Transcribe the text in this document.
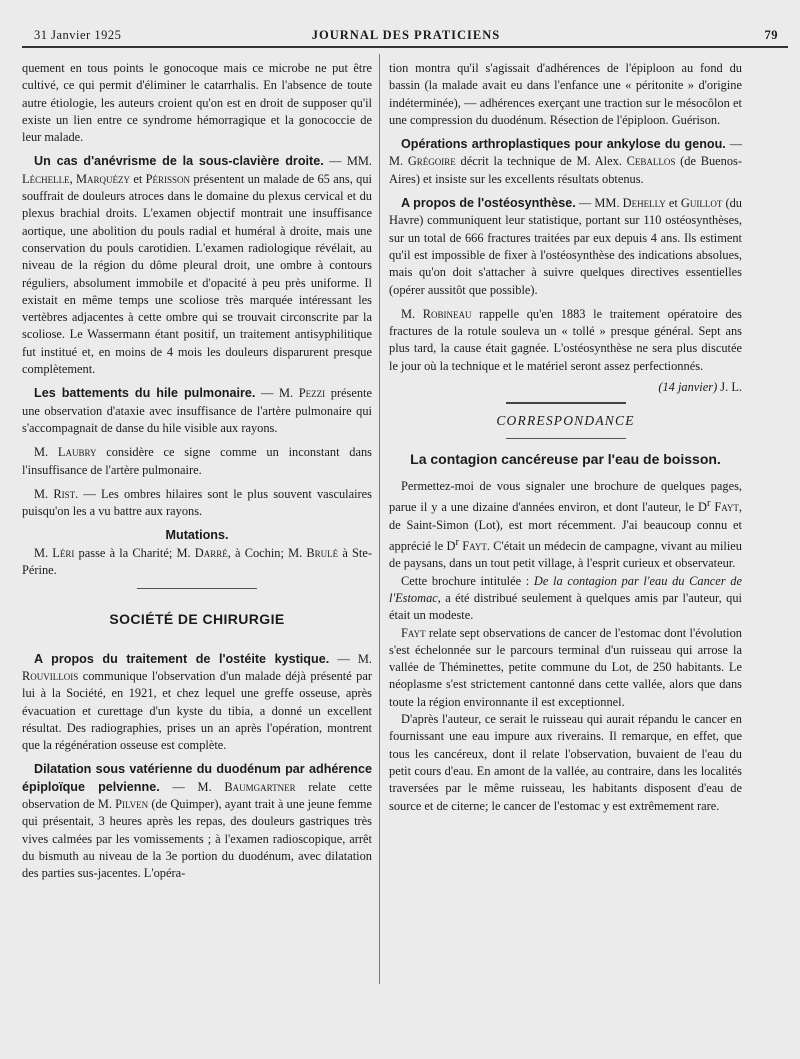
31 Janvier 1925	JOURNAL DES PRATICIENS	79

quement en tous points le gonocoque mais ce microbe ne put être cultivé, ce qui permit d'éliminer le catarrhalis. En l'absence de toute autre étiologie, les auteurs croient qu'on est en droit de supposer qu'il existe un lien entre ce syndrome hémorragique et la gonococcie de leur malade.

Un cas d'anévrisme de la sous-clavière droite. — MM. Léchelle, Marquézy et Périsson présentent un malade de 65 ans, qui souffrait de douleurs atroces dans le domaine du plexus cervical et du plexus brachial droits. L'examen objectif montrait une insuffisance aortique, une abolition du pouls radial et huméral à droite, mais une conservation du pouls carotidien. L'examen radiologique révélait, au niveau de la région du dôme pleural droit, une ombre à contours réguliers, absolument immobile et d'opacité à peu près uniforme. Il existait en même temps une scoliose très marquée intéressant les vertèbres adjacentes à cette ombre qui se trouvait circonscrite par la scoliose. Le Wassermann étant positif, un traitement antisyphilitique fut institué et, en moins de 4 mois les douleurs disparurent presque complètement.

Les battements du hile pulmonaire. — M. Pezzi présente une observation d'ataxie avec insuffisance de l'artère pulmonaire qui s'accompagnait de danse du hile visible aux rayons.

M. Laubry considère ce signe comme un inconstant dans l'insuffisance de l'artère pulmonaire.

M. Rist. — Les ombres hilaires sont le plus souvent vasculaires puisqu'on les a vu battre aux rayons.

Mutations.

M. Léri passe à la Charité; M. Darré, à Cochin; M. Brulé à Ste-Périne.

SOCIÉTÉ DE CHIRURGIE

A propos du traitement de l'ostéite kystique. — M. Rouvillois communique l'observation d'un malade déjà présenté par lui à la Société, en 1921, et chez lequel une greffe osseuse, après évacuation et curettage d'un kyste du tibia, a donné un excellent résultat. Des radiographies, prises un an après l'opération, montrent que la régénération osseuse est complète.

Dilatation sous vatérienne du duodénum par adhérence épiploïque pelvienne. — M. Baumgartner relate cette observation de M. Pilven (de Quimper), ayant trait à une jeune femme qui présentait, 3 heures après les repas, des douleurs gastriques très vives calmées par les vomissements ; à l'examen radioscopique, arrêt du bismuth au niveau de la 3e portion du duodénum, avec dilatation des parties sus-jacentes. L'opéra-

tion montra qu'il s'agissait d'adhérences de l'épiploon au fond du bassin (la malade avait eu dans l'enfance une « péritonite » d'origine indéterminée), — adhérences exerçant une traction sur le mésocôlon et une compression du duodénum. Résection de l'épiploon. Guérison.

Opérations arthroplastiques pour ankylose du genou. — M. Grégoire décrit la technique de M. Alex. Ceballos (de Buenos-Aires) et insiste sur les excellents résultats obtenus.

A propos de l'ostéosynthèse. — MM. Dehelly et Guillot (du Havre) communiquent leur statistique, portant sur 110 ostéosynthèses, sur un total de 666 fractures traitées par eux depuis 4 ans. Ils estiment qu'il est impossible de fixer à l'ostéosynthèse des indications absolues, mais qu'on doit s'attacher à suivre quelques directives essentielles (opérer aussitôt que possible).

M. Robineau rappelle qu'en 1883 le traitement opératoire des fractures de la rotule souleva un « tollé » presque général. Sept ans plus tard, la cause était gagnée. L'ostéosynthèse ne sera plus discutée le jour où la technique et le matériel seront assez perfectionnés.

(14 janvier) J. L.

CORRESPONDANCE

La contagion cancéreuse par l'eau de boisson.

Permettez-moi de vous signaler une brochure de quelques pages, parue il y a une dizaine d'années environ, et dont l'auteur, le $D^r$ Fayt, de Saint-Simon (Lot), est mort récemment. J'ai beaucoup connu et apprécié le $D^r$ Fayt. C'était un médecin de campagne, vivant au milieu de paysans, dans un tout petit village, à l'esprit curieux et observateur.

Cette brochure intitulée : De la contagion par l'eau du Cancer de l'Estomac, a été distribué seulement à quelques amis par l'auteur, qui était un modeste.

Fayt relate sept observations de cancer de l'estomac dont l'évolution s'est échelonnée sur le parcours terminal d'un ruisseau qui arrose la vallée de Théminettes, petite commune du Lot, de 250 habitants. Le néoplasme s'est strictement cantonné dans cette vallée, alors que dans toute la région environnante il est exceptionnel.

D'après l'auteur, ce serait le ruisseau qui aurait répandu le cancer en fournissant une eau impure aux riverains. Il remarque, en effet, que tous les cancéreux, dont il relate l'observation, buvaient de l'eau du petit cours d'eau. En amont de la vallée, au contraire, dans les localités traversées par le même ruisseau, les habitants disposent d'eau de source et de citerne; le cancer de l'estomac y est extrêmement rare.
